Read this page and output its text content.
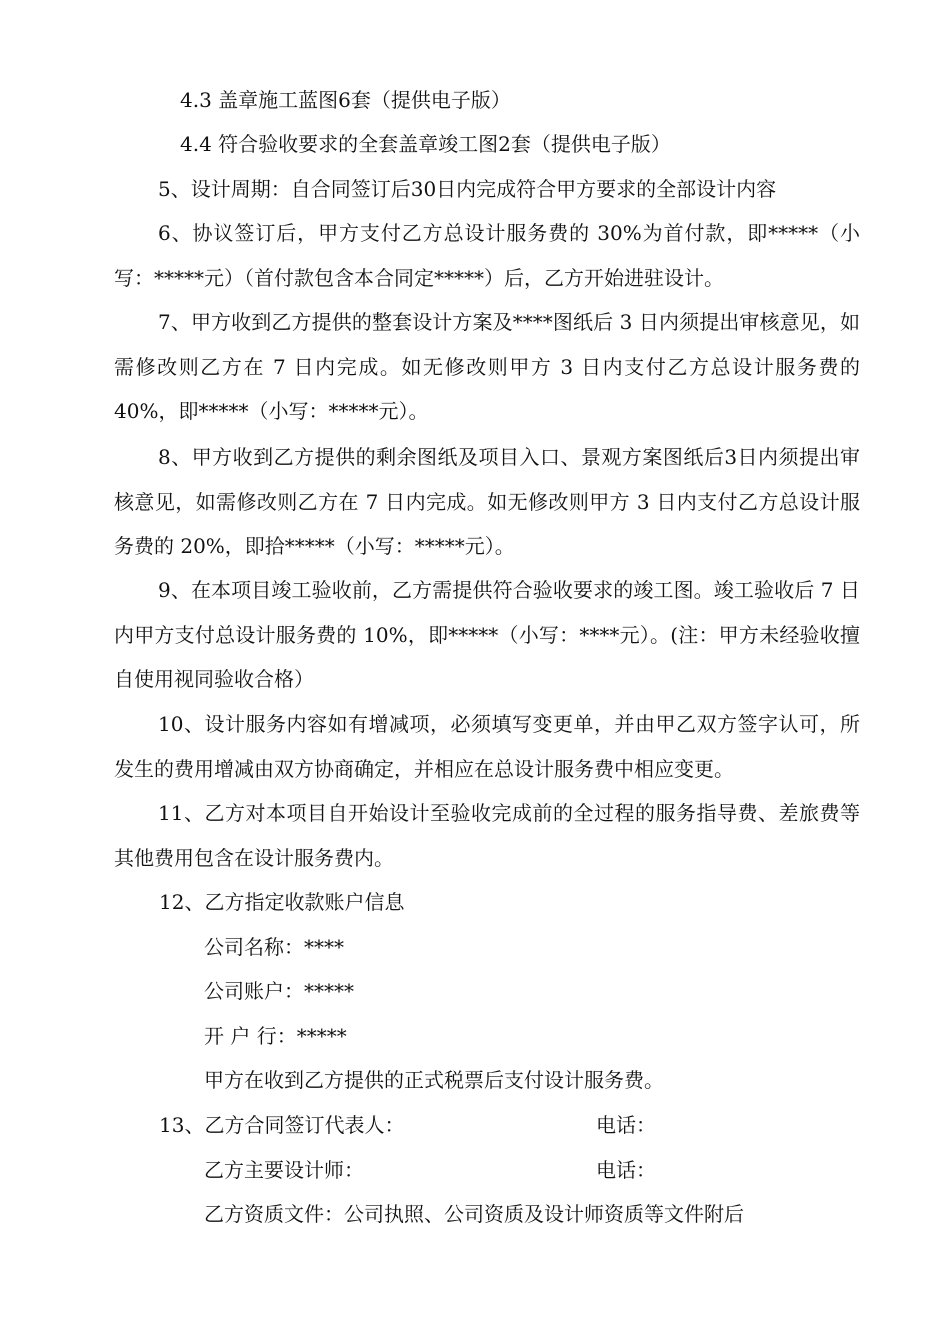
4.3 盖章施工蓝图6套（提供电子版）
4.4 符合验收要求的全套盖章竣工图2套（提供电子版）

5、设计周期：自合同签订后30日内完成符合甲方要求的全部设计内容

6、协议签订后，甲方支付乙方总设计服务费的 30%为首付款，即*****（小写：*****元）（首付款包含本合同定*****）后，乙方开始进驻设计。

7、甲方收到乙方提供的整套设计方案及****图纸后 3 日内须提出审核意见，如需修改则乙方在 7 日内完成。如无修改则甲方 3 日内支付乙方总设计服务费的 40%，即*****（小写：*****元）。

8、甲方收到乙方提供的剩余图纸及项目入口、景观方案图纸后3日内须提出审核意见，如需修改则乙方在 7 日内完成。如无修改则甲方 3 日内支付乙方总设计服务费的 20%，即拾*****（小写：*****元）。

9、在本项目竣工验收前，乙方需提供符合验收要求的竣工图。竣工验收后 7 日内甲方支付总设计服务费的 10%，即*****（小写：****元）。(注：甲方未经验收擅自使用视同验收合格）

10、设计服务内容如有增减项，必须填写变更单，并由甲乙双方签字认可，所发生的费用增减由双方协商确定，并相应在总设计服务费中相应变更。

11、乙方对本项目自开始设计至验收完成前的全过程的服务指导费、差旅费等其他费用包含在设计服务费内。

12、乙方指定收款账户信息
公司名称：****
公司账户：*****
开 户 行：*****
甲方在收到乙方提供的正式税票后支付设计服务费。
13、乙方合同签订代表人：	电话：
乙方主要设计师：	电话：
乙方资质文件：公司执照、公司资质及设计师资质等文件附后
